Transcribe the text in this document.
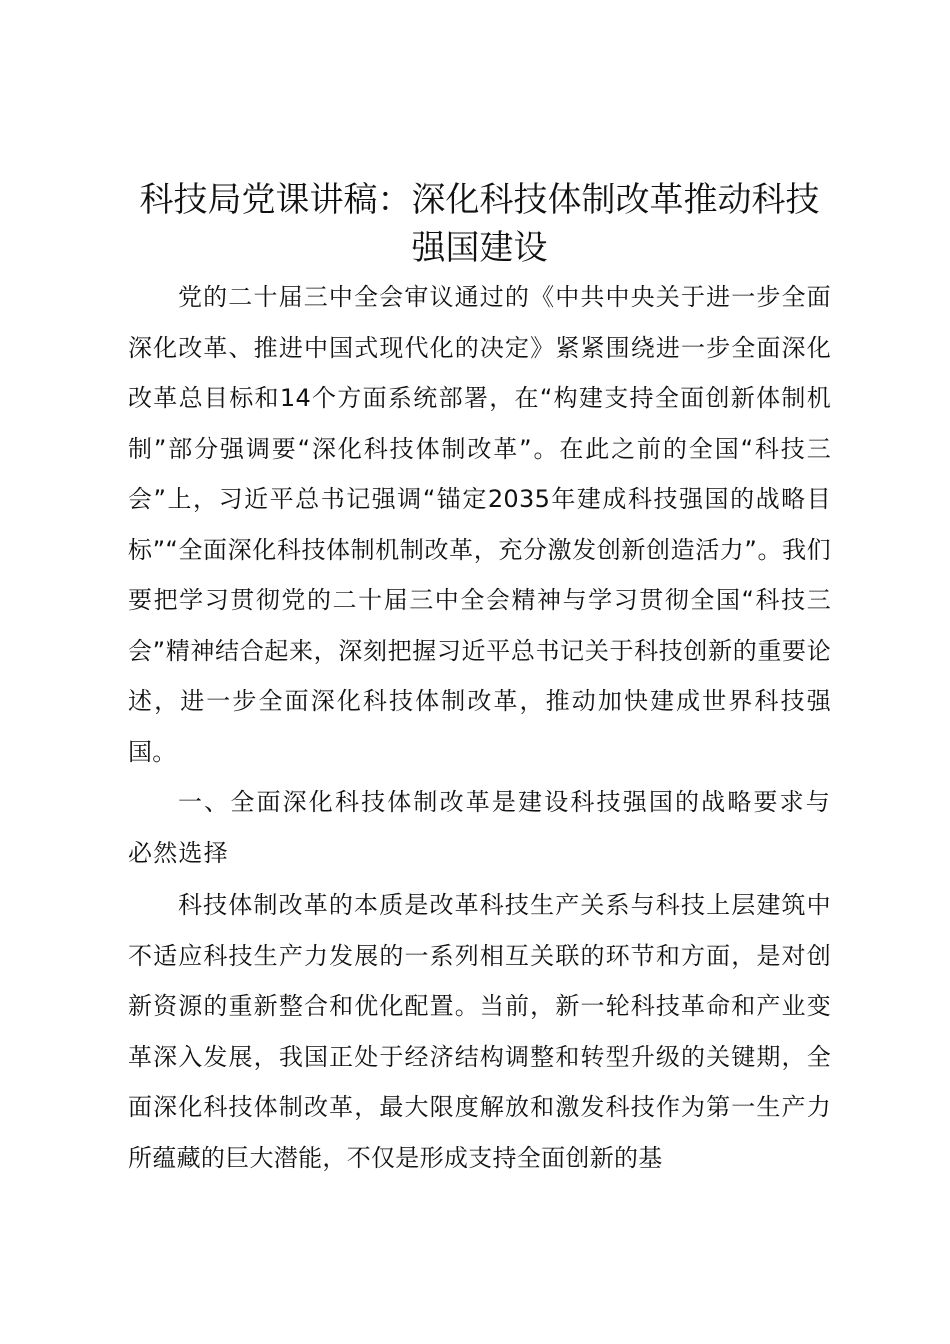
科技局党课讲稿：深化科技体制改革推动科技
强国建设

党的二十届三中全会审议通过的《中共中央关于进一步全面深化改革、推进中国式现代化的决定》紧紧围绕进一步全面深化改革总目标和14个方面系统部署，在“构建支持全面创新体制机制”部分强调要“深化科技体制改革”。在此之前的全国“科技三会”上，习近平总书记强调“锚定2035年建成科技强国的战略目标”“全面深化科技体制机制改革，充分激发创新创造活力”。我们要把学习贯彻党的二十届三中全会精神与学习贯彻全国“科技三会”精神结合起来，深刻把握习近平总书记关于科技创新的重要论述，进一步全面深化科技体制改革，推动加快建成世界科技强国。

一、全面深化科技体制改革是建设科技强国的战略要求与必然选择

科技体制改革的本质是改革科技生产关系与科技上层建筑中不适应科技生产力发展的一系列相互关联的环节和方面，是对创新资源的重新整合和优化配置。当前，新一轮科技革命和产业变革深入发展，我国正处于经济结构调整和转型升级的关键期，全面深化科技体制改革，最大限度解放和激发科技作为第一生产力所蕴藏的巨大潜能，不仅是形成支持全面创新的基
